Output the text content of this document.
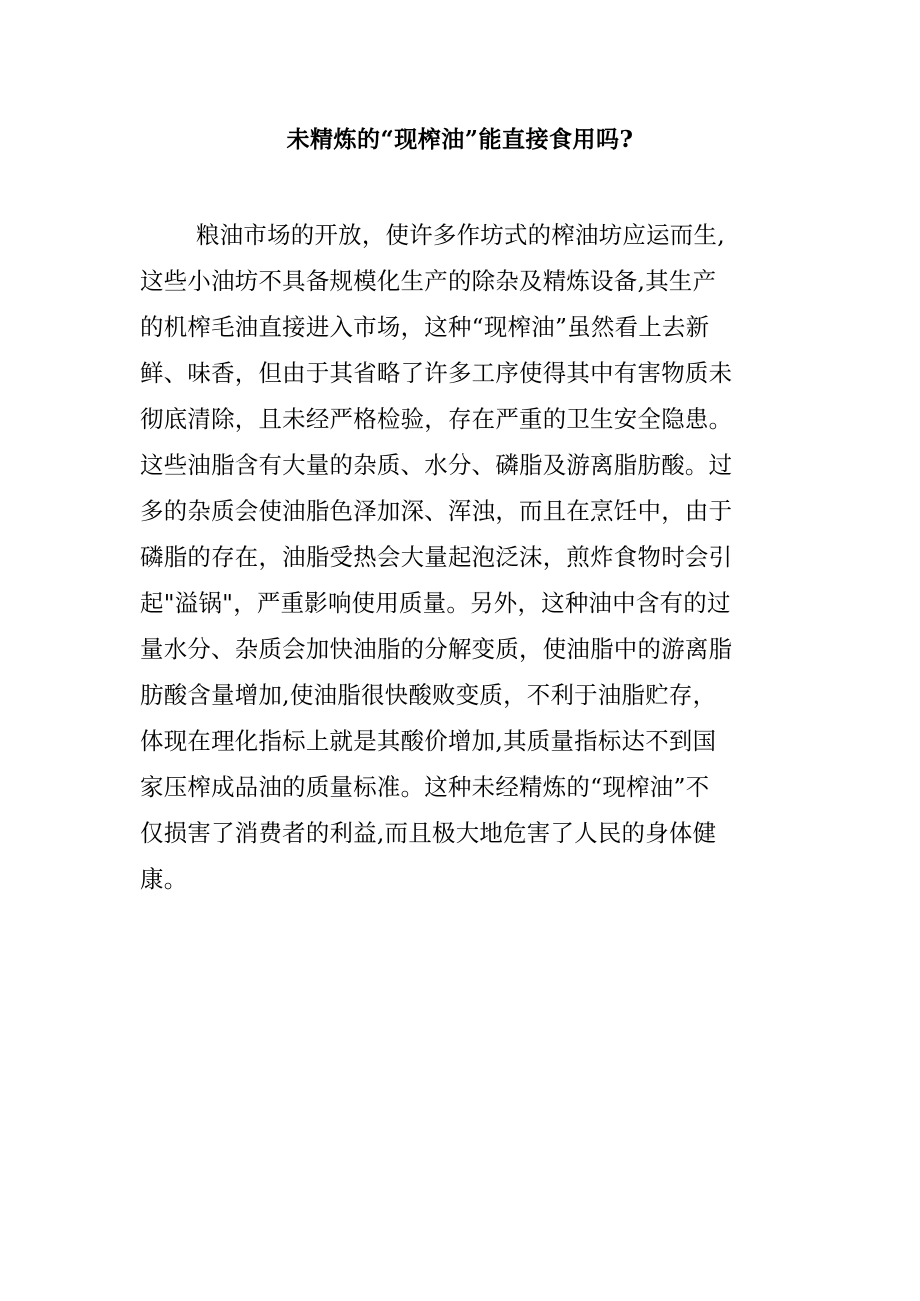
未精炼的“现榨油”能直接食用吗?
粮油市场的开放，使许多作坊式的榨油坊应运而生,
这些小油坊不具备规模化生产的除杂及精炼设备,其生产
的机榨毛油直接进入市场，这种“现榨油”虽然看上去新
鲜、味香，但由于其省略了许多工序使得其中有害物质未
彻底清除，且未经严格检验，存在严重的卫生安全隐患。
这些油脂含有大量的杂质、水分、磷脂及游离脂肪酸。过
多的杂质会使油脂色泽加深、浑浊，而且在烹饪中，由于
磷脂的存在，油脂受热会大量起泡泛沫，煎炸食物时会引
起"溢锅"，严重影响使用质量。另外，这种油中含有的过
量水分、杂质会加快油脂的分解变质，使油脂中的游离脂
肪酸含量增加,使油脂很快酸败变质，不利于油脂贮存，
体现在理化指标上就是其酸价增加,其质量指标达不到国
家压榨成品油的质量标准。这种未经精炼的“现榨油”不
仅损害了消费者的利益,而且极大地危害了人民的身体健
康。
